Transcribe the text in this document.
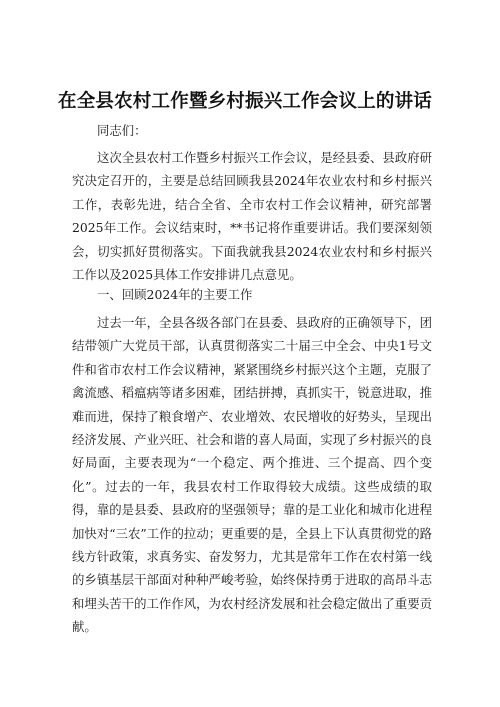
在全县农村工作暨乡村振兴工作会议上的讲话

同志们：

这次全县农村工作暨乡村振兴工作会议，是经县委、县政府研究决定召开的，主要是总结回顾我县2024年农业农村和乡村振兴工作，表彰先进，结合全省、全市农村工作会议精神，研究部署2025年工作。会议结束时，**书记将作重要讲话。我们要深刻领会，切实抓好贯彻落实。下面我就我县2024农业农村和乡村振兴工作以及2025具体工作安排讲几点意见。

一、回顾2024年的主要工作

过去一年，全县各级各部门在县委、县政府的正确领导下，团结带领广大党员干部，认真贯彻落实二十届三中全会、中央1号文件和省市农村工作会议精神，紧紧围绕乡村振兴这个主题，克服了禽流感、稻瘟病等诸多困难，团结拼搏，真抓实干，锐意进取，推难而进，保持了粮食增产、农业增效、农民增收的好势头，呈现出经济发展、产业兴旺、社会和谐的喜人局面，实现了乡村振兴的良好局面，主要表现为“一个稳定、两个推进、三个提高、四个变化”。过去的一年，我县农村工作取得较大成绩。这些成绩的取得，靠的是县委、县政府的坚强领导；靠的是工业化和城市化进程加快对“三农”工作的拉动；更重要的是，全县上下认真贯彻党的路线方针政策，求真务实、奋发努力，尤其是常年工作在农村第一线的乡镇基层干部面对种种严峻考验，始终保持勇于进取的高昂斗志和埋头苦干的工作作风，为农村经济发展和社会稳定做出了重要贡献。
